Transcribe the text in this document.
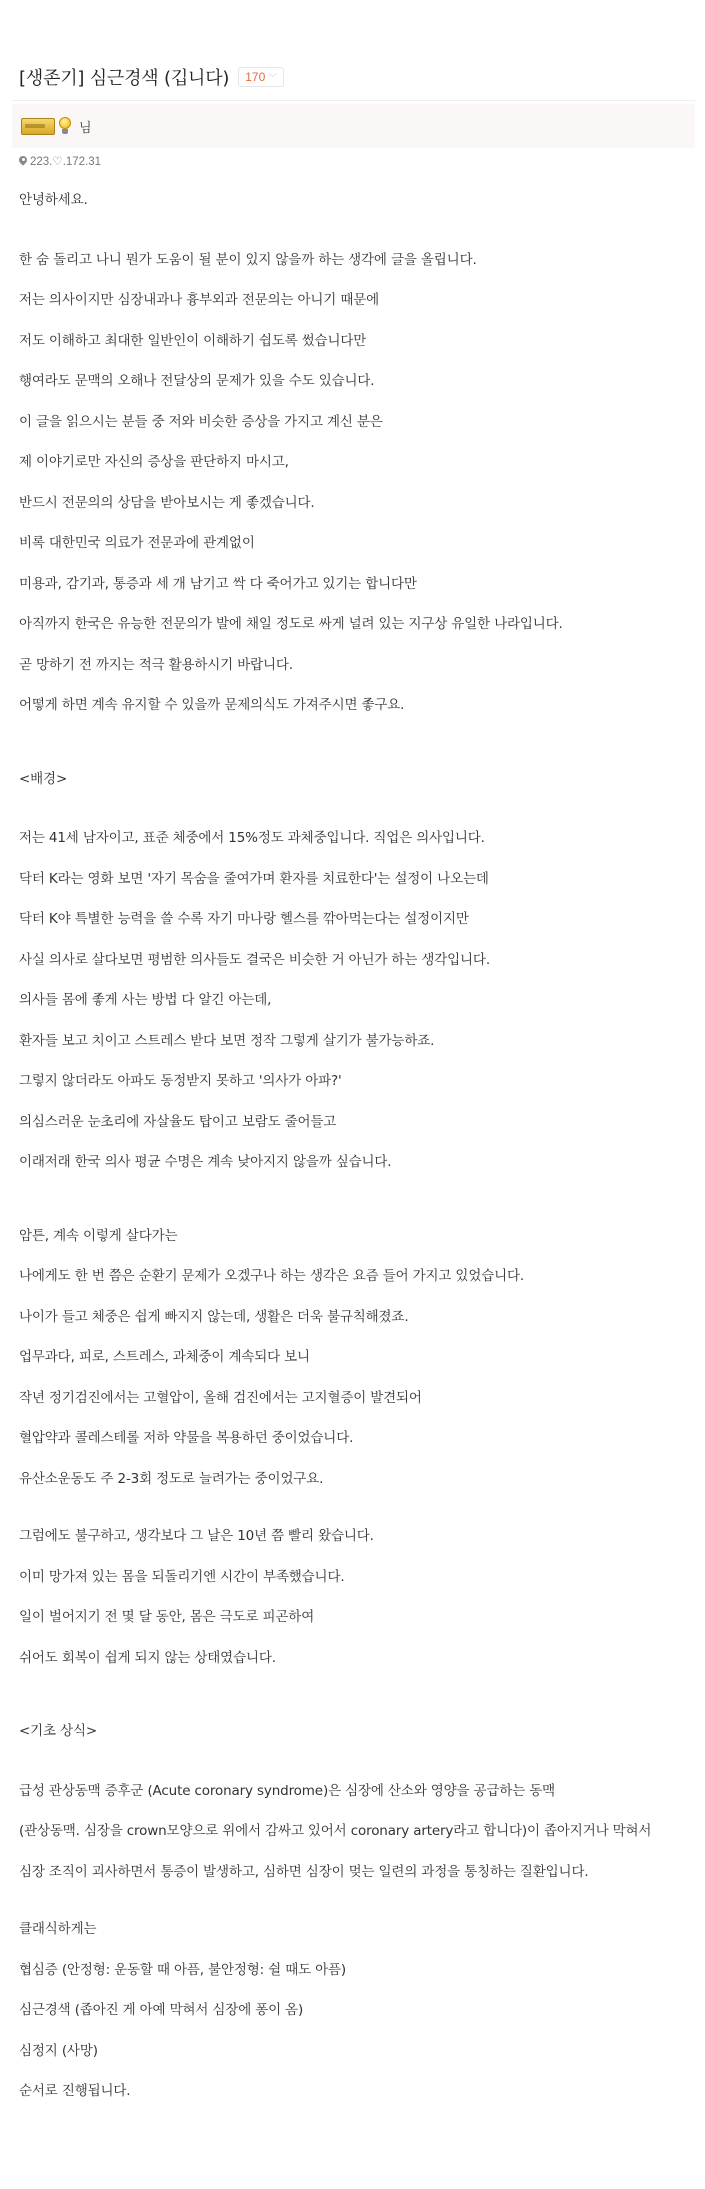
[생존기] 심근경색 (깁니다) 170 ﹀
님
223.♡.172.31

안녕하세요.

한 숨 돌리고 나니 뭔가 도움이 될 분이 있지 않을까 하는 생각에 글을 올립니다.

저는 의사이지만 심장내과나 흉부외과 전문의는 아니기 때문에

저도 이해하고 최대한 일반인이 이해하기 쉽도록 썼습니다만

행여라도 문맥의 오해나 전달상의 문제가 있을 수도 있습니다.

이 글을 읽으시는 분들 중 저와 비슷한 증상을 가지고 계신 분은

제 이야기로만 자신의 증상을 판단하지 마시고,

반드시 전문의의 상담을 받아보시는 게 좋겠습니다.

비록 대한민국 의료가 전문과에 관계없이

미용과, 감기과, 통증과 세 개 남기고 싹 다 죽어가고 있기는 합니다만

아직까지 한국은 유능한 전문의가 발에 채일 정도로 싸게 널려 있는 지구상 유일한 나라입니다.

곧 망하기 전 까지는 적극 활용하시기 바랍니다.

어떻게 하면 계속 유지할 수 있을까 문제의식도 가져주시면 좋구요.

<배경>

저는 41세 남자이고, 표준 체중에서 15%정도 과체중입니다. 직업은 의사입니다.

닥터 K라는 영화 보면 '자기 목숨을 줄여가며 환자를 치료한다'는 설정이 나오는데

닥터 K야 특별한 능력을 쓸 수록 자기 마나랑 헬스를 깎아먹는다는 설정이지만

사실 의사로 살다보면 평범한 의사들도 결국은 비슷한 거 아닌가 하는 생각입니다.

의사들 몸에 좋게 사는 방법 다 알긴 아는데,

환자들 보고 치이고 스트레스 받다 보면 정작 그렇게 살기가 불가능하죠.

그렇지 않더라도 아파도 동정받지 못하고 '의사가 아파?'

의심스러운 눈초리에 자살율도 탑이고 보람도 줄어들고

이래저래 한국 의사 평균 수명은 계속 낮아지지 않을까 싶습니다.

암튼, 계속 이렇게 살다가는

나에게도 한 번 쯤은 순환기 문제가 오겠구나 하는 생각은 요즘 들어 가지고 있었습니다.

나이가 들고 체중은 쉽게 빠지지 않는데, 생활은 더욱 불규칙해졌죠.

업무과다, 피로, 스트레스, 과체중이 계속되다 보니

작년 정기검진에서는 고혈압이, 올해 검진에서는 고지혈증이 발견되어

혈압약과 콜레스테롤 저하 약물을 복용하던 중이었습니다.

유산소운동도 주 2-3회 정도로 늘려가는 중이었구요.

그럼에도 불구하고, 생각보다 그 날은 10년 쯤 빨리 왔습니다.

이미 망가져 있는 몸을 되돌리기엔 시간이 부족했습니다.

일이 벌어지기 전 몇 달 동안, 몸은 극도로 피곤하여

쉬어도 회복이 쉽게 되지 않는 상태였습니다.

<기초 상식>

급성 관상동맥 증후군 (Acute coronary syndrome)은 심장에 산소와 영양을 공급하는 동맥

(관상동맥. 심장을 crown모양으로 위에서 감싸고 있어서 coronary artery라고 합니다)이 좁아지거나 막혀서

심장 조직이 괴사하면서 통증이 발생하고, 심하면 심장이 멎는 일련의 과정을 통칭하는 질환입니다.

클래식하게는

협심증 (안정형: 운동할 때 아픔, 불안정형: 쉴 때도 아픔)

심근경색 (좁아진 게 아예 막혀서 심장에 퐁이 옴)

심정지 (사망)

순서로 진행됩니다.
